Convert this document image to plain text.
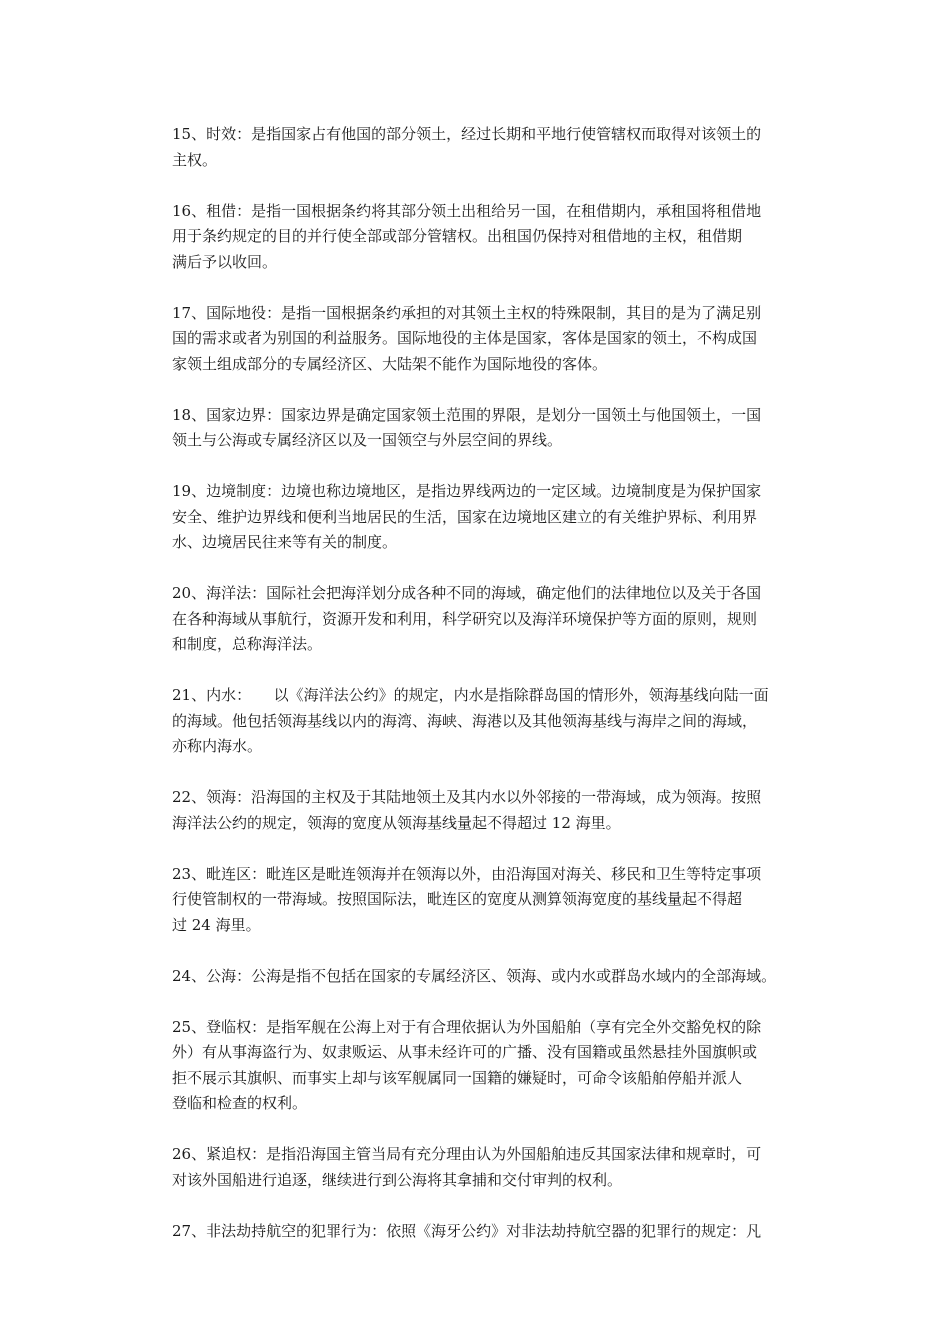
15、时效：是指国家占有他国的部分领土，经过长期和平地行使管辖权而取得对该领土的
主权。
16、租借：是指一国根据条约将其部分领土出租给另一国，在租借期内，承租国将租借地
用于条约规定的目的并行使全部或部分管辖权。出租国仍保持对租借地的主权，租借期
满后予以收回。
17、国际地役：是指一国根据条约承担的对其领土主权的特殊限制，其目的是为了满足别
国的需求或者为别国的利益服务。国际地役的主体是国家，客体是国家的领土，不构成国
家领土组成部分的专属经济区、大陆架不能作为国际地役的客体。
18、国家边界：国家边界是确定国家领土范围的界限，是划分一国领土与他国领土，一国
领土与公海或专属经济区以及一国领空与外层空间的界线。
19、边境制度：边境也称边境地区，是指边界线两边的一定区域。边境制度是为保护国家
安全、维护边界线和便利当地居民的生活，国家在边境地区建立的有关维护界标、利用界
水、边境居民往来等有关的制度。
20、海洋法：国际社会把海洋划分成各种不同的海域，确定他们的法律地位以及关于各国
在各种海域从事航行，资源开发和利用，科学研究以及海洋环境保护等方面的原则，规则
和制度，总称海洋法。
21、内水：　　以《海洋法公约》的规定，内水是指除群岛国的情形外，领海基线向陆一面
的海域。他包括领海基线以内的海湾、海峡、海港以及其他领海基线与海岸之间的海域，
亦称内海水。
22、领海：沿海国的主权及于其陆地领土及其内水以外邻接的一带海域，成为领海。按照
海洋法公约的规定，领海的宽度从领海基线量起不得超过 12 海里。
23、毗连区：毗连区是毗连领海并在领海以外，由沿海国对海关、移民和卫生等特定事项
行使管制权的一带海域。按照国际法，毗连区的宽度从测算领海宽度的基线量起不得超
过 24 海里。
24、公海：公海是指不包括在国家的专属经济区、领海、或内水或群岛水域内的全部海域。
25、登临权：是指军舰在公海上对于有合理依据认为外国船舶（享有完全外交豁免权的除
外）有从事海盗行为、奴隶贩运、从事未经许可的广播、没有国籍或虽然悬挂外国旗帜或
拒不展示其旗帜、而事实上却与该军舰属同一国籍的嫌疑时，可命令该船舶停船并派人
登临和检查的权利。
26、紧追权：是指沿海国主管当局有充分理由认为外国船舶违反其国家法律和规章时，可
对该外国船进行追逐，继续进行到公海将其拿捕和交付审判的权利。
27、非法劫持航空的犯罪行为：依照《海牙公约》对非法劫持航空器的犯罪行的规定：凡
